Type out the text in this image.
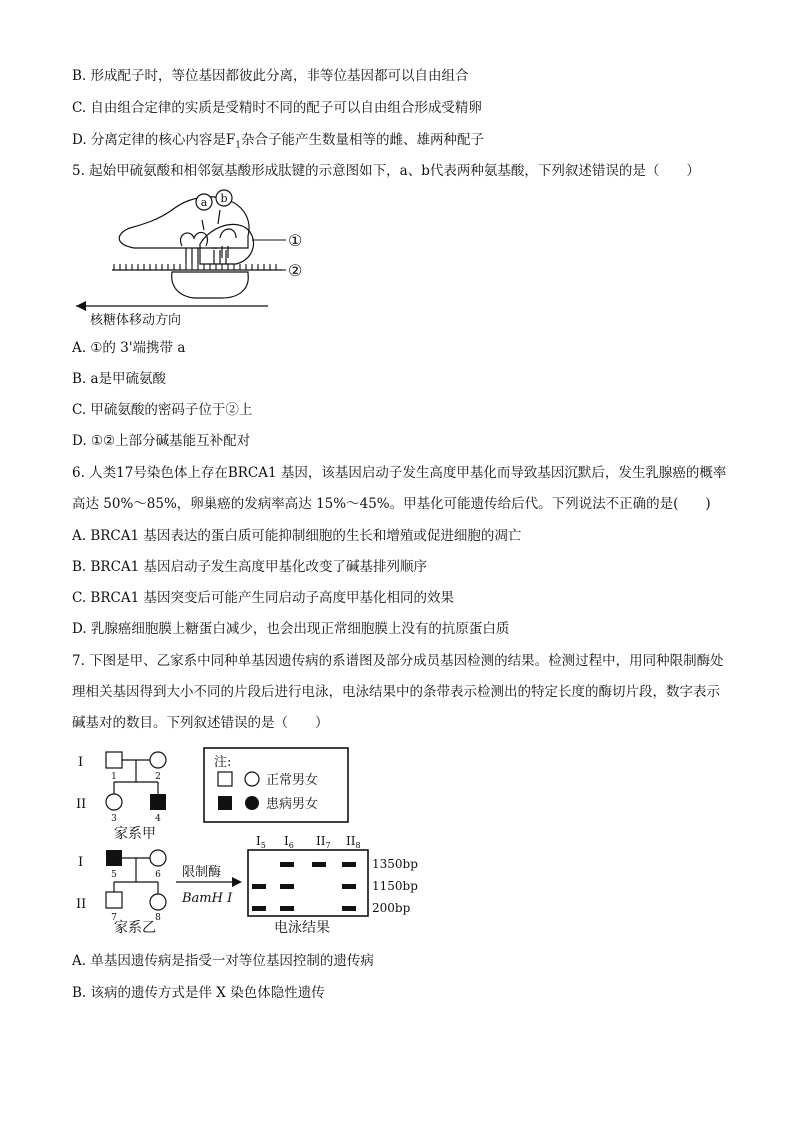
B. 形成配子时，等位基因都彼此分离，非等位基因都可以自由组合
C. 自由组合定律的实质是受精时不同的配子可以自由组合形成受精卵
D. 分离定律的核心内容是$F_1$杂合子能产生数量相等的雌、雄两种配子
5. 起始甲硫氨酸和相邻氨基酸形成肽键的示意图如下，a、b代表两种氨基酸，下列叙述错误的是（　　）
a b
①
②
核糖体移动方向
A. ①的 3'端携带 a
B. a是甲硫氨酸
C. 甲硫氨酸的密码子位于②上
D. ①②上部分碱基能互补配对
6. 人类17号染色体上存在BRCA1 基因，该基因启动子发生高度甲基化而导致基因沉默后，发生乳腺癌的概率高达 50%～85%，卵巢癌的发病率高达 15%～45%。甲基化可能遗传给后代。下列说法不正确的是(　　)
A. BRCA1 基因表达的蛋白质可能抑制细胞的生长和增殖或促进细胞的凋亡
B. BRCA1 基因启动子发生高度甲基化改变了碱基排列顺序
C. BRCA1 基因突变后可能产生同启动子高度甲基化相同的效果
D. 乳腺癌细胞膜上糖蛋白减少，也会出现正常细胞膜上没有的抗原蛋白质
7. 下图是甲、乙家系中同种单基因遗传病的系谱图及部分成员基因检测的结果。检测过程中，用同种限制酶处理相关基因得到大小不同的片段后进行电泳，电泳结果中的条带表示检测出的特定长度的酶切片段，数字表示碱基对的数目。下列叙述错误的是（　　）
I
II
1	2
3	4
家系甲
注:
正常男女
患病男女
I
II
5	6
7	8
家系乙
限制酶
BamH I
$I_5$ $I_6$ $II_7$ $II_8$
1350bp
1150bp
200bp
电泳结果
A. 单基因遗传病是指受一对等位基因控制的遗传病
B. 该病的遗传方式是伴 X 染色体隐性遗传
